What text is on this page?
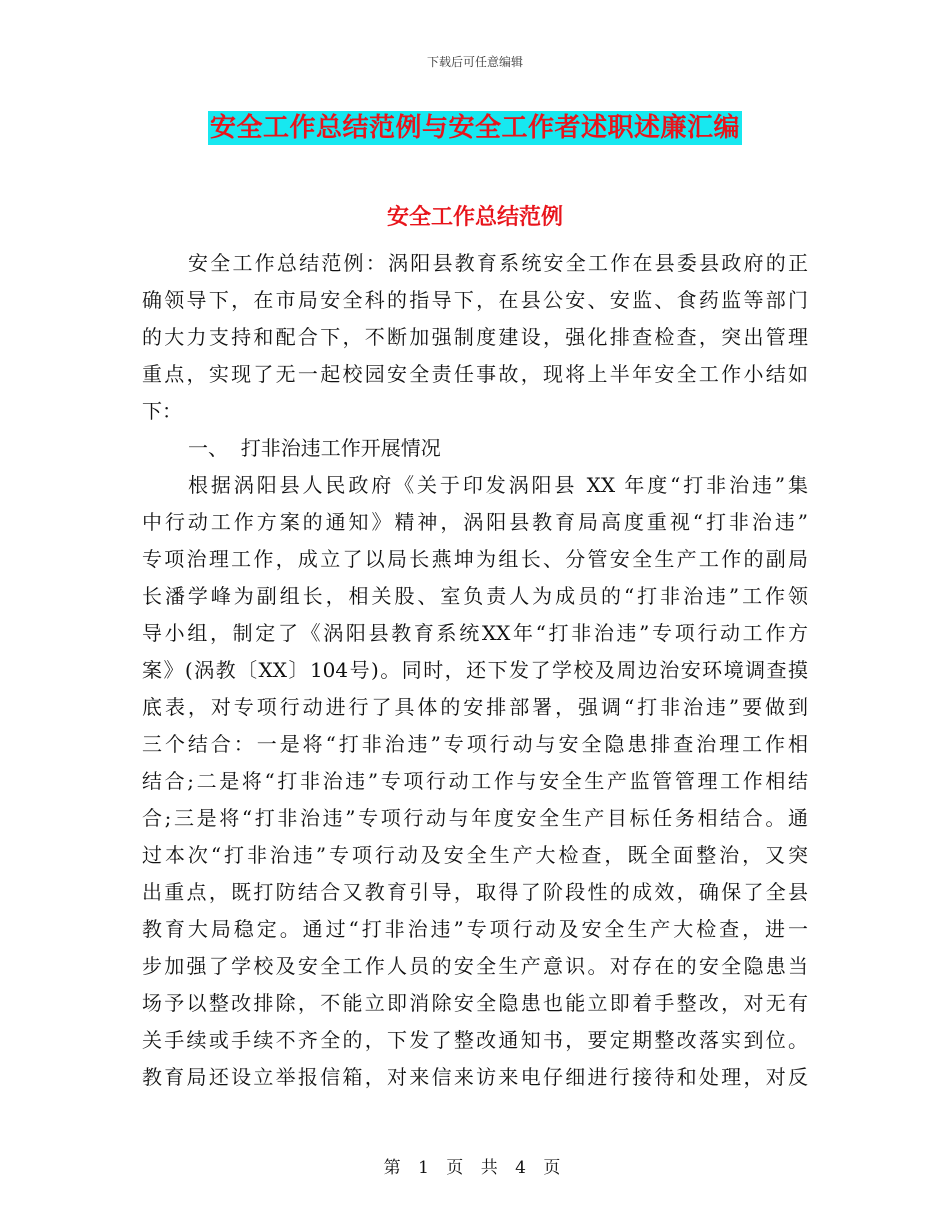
下载后可任意编辑
安全工作总结范例与安全工作者述职述廉汇编
安全工作总结范例
安全工作总结范例：涡阳县教育系统安全工作在县委县政府的正
确领导下，在市局安全科的指导下，在县公安、安监、食药监等部门
的大力支持和配合下，不断加强制度建设，强化排查检查，突出管理
重点，实现了无一起校园安全责任事故，现将上半年安全工作小结如
下：
一、  打非治违工作开展情况
根据涡阳县人民政府《关于印发涡阳县 XX 年度“打非治违”集
中行动工作方案的通知》精神，涡阳县教育局高度重视“打非治违”
专项治理工作，成立了以局长燕坤为组长、分管安全生产工作的副局
长潘学峰为副组长，相关股、室负责人为成员的“打非治违”工作领
导小组，制定了《涡阳县教育系统XX年“打非治违”专项行动工作方
案》(涡教〔XX〕104号)。同时，还下发了学校及周边治安环境调查摸
底表，对专项行动进行了具体的安排部署，强调“打非治违”要做到
三个结合：一是将“打非治违”专项行动与安全隐患排查治理工作相
结合;二是将“打非治违”专项行动工作与安全生产监管管理工作相结
合;三是将“打非治违”专项行动与年度安全生产目标任务相结合。通
过本次“打非治违”专项行动及安全生产大检查，既全面整治，又突
出重点，既打防结合又教育引导，取得了阶段性的成效，确保了全县
教育大局稳定。通过“打非治违”专项行动及安全生产大检查，进一
步加强了学校及安全工作人员的安全生产意识。对存在的安全隐患当
场予以整改排除，不能立即消除安全隐患也能立即着手整改，对无有
关手续或手续不齐全的，下发了整改通知书，要定期整改落实到位。
教育局还设立举报信箱，对来信来访来电仔细进行接待和处理，对反
第 1 页 共 4 页
